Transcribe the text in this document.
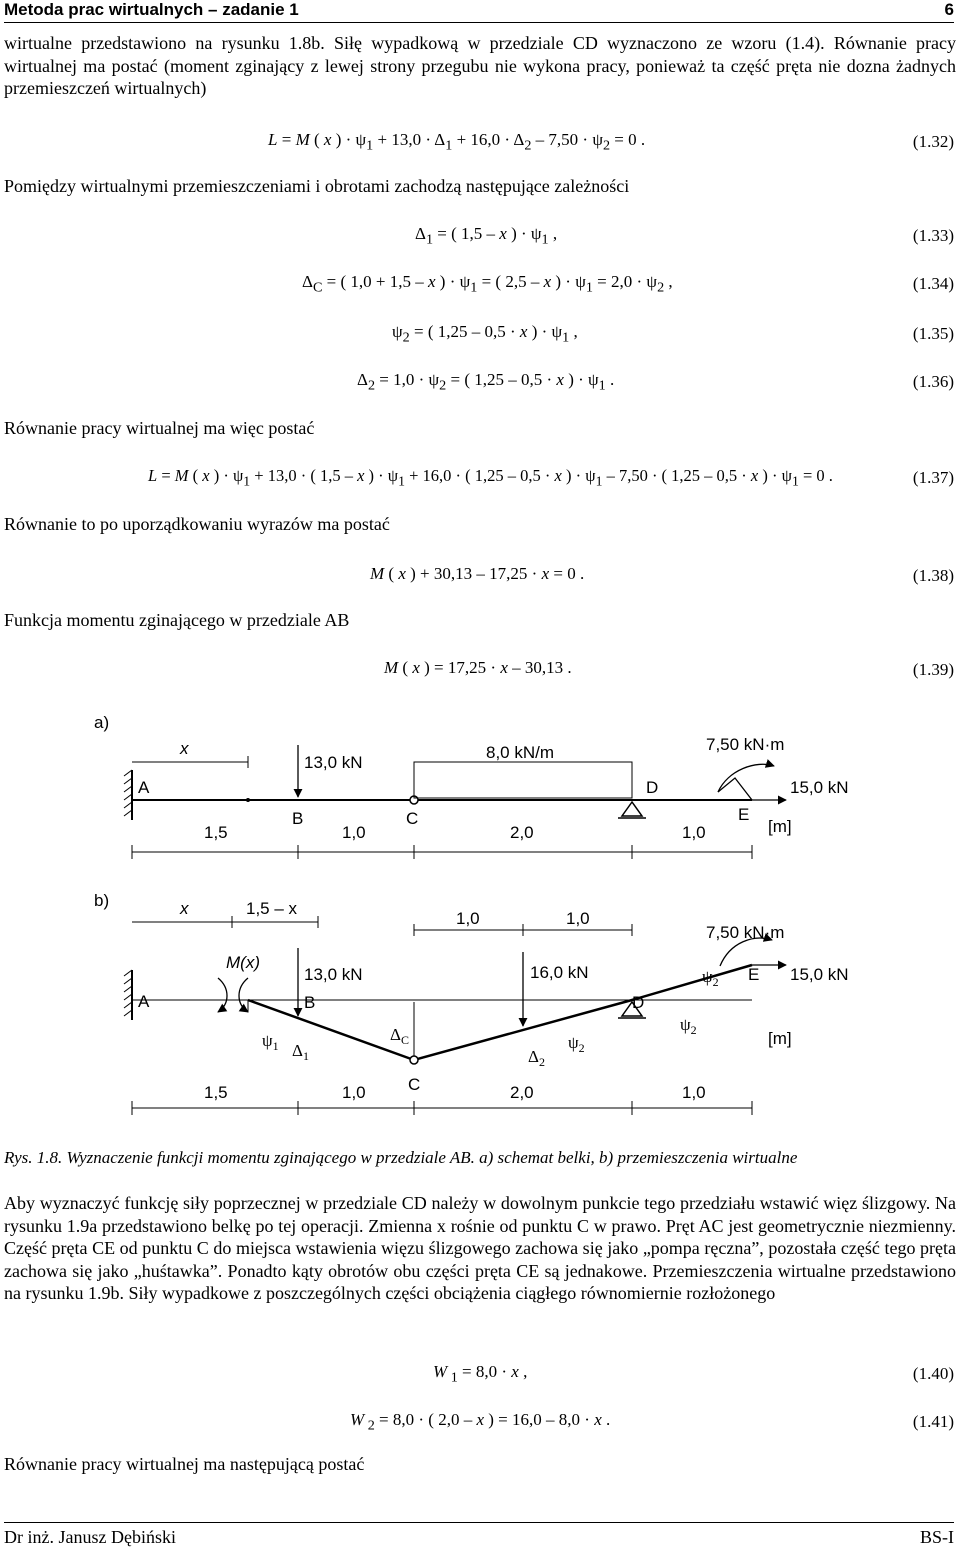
Metoda prac wirtualnych – zadanie 1	6

wirtualne przedstawiono na rysunku 1.8b. Siłę wypadkową w przedziale CD wyznaczono ze wzoru (1.4). Równanie pracy wirtualnej ma postać (moment zginający z lewej strony przegubu nie wykona pracy, ponieważ ta część pręta nie dozna żadnych przemieszczeń wirtualnych)

L = M ( x ) · $\psi_1 + 13,0 \cdot \Delta_1 + 16,0 \cdot \Delta_2 - 7,50 \cdot \psi_2 = 0$ .	(1.32)
Pomiędzy wirtualnymi przemieszczeniami i obrotami zachodzą następujące zależności
$\Delta_1$ = ( 1,5 – x ) · $\psi_1$ ,	(1.33)
$\Delta_C$ = ( 1,0 + 1,5 – x ) · $\psi_1$ = ( 2,5 – x ) · $\psi_1 = 2,0 \cdot \psi_2$ ,	(1.34)
$\psi_2$ = ( 1,25 – 0,5 · x ) · $\psi_1$ ,	(1.35)
$\Delta_2 = 1,0 \cdot \psi_2$ = ( 1,25 – 0,5 · x ) · $\psi_1$ .	(1.36)
Równanie pracy wirtualnej ma więc postać
L = M ( x ) · $\psi_1 + 13,0$ · ( 1,5 – x ) · $\psi_1 + 16,0$ · ( 1,25 – 0,5 · x ) · $\psi_1 - 7,50$ · ( 1,25 – 0,5 · x ) · $\psi_1 = 0$ .	(1.37)
Równanie to po uporządkowaniu wyrazów ma postać
M ( x ) + 30,13 – 17,25 · x = 0 .	(1.38)
Funkcja momentu zginającego w przedziale AB
M ( x ) = 17,25 · x – 30,13 .	(1.39)
a)
x
A
13,0 kN
B	C
8,0 kN/m
D
7,50 kN·m
15,0 kN
E
[m]
1,5	1,0	2,0	1,0
b)	x	1,5 – x
1,0	1,0
A
M(x)
13,0 kN
B
$\psi_1$ $\Delta_1$
$\Delta_C$
C
16,0 kN
$\Delta_2$
$\psi_2$
D
$\psi_2$
$\psi_2$
7,50 kN·m
E 15,0 kN
[m]
1,5	1,0	2,0	1,0
Rys. 1.8. Wyznaczenie funkcji momentu zginającego w przedziale AB. a) schemat belki, b) przemieszczenia wirtualne

Aby wyznaczyć funkcję siły poprzecznej w przedziale CD należy w dowolnym punkcie tego przedziału wstawić więz ślizgowy. Na rysunku 1.9a przedstawiono belkę po tej operacji. Zmienna x rośnie od punktu C w prawo. Pręt AC jest geometrycznie niezmienny. Część pręta CE od punktu C do miejsca wstawienia więzu ślizgowego zachowa się jako „pompa ręczna”, pozostała część tego pręta zachowa się jako „huśtawka”. Ponadto kąty obrotów obu części pręta CE są jednakowe. Przemieszczenia wirtualne przedstawiono na rysunku 1.9b. Siły wypadkowe z poszczególnych części obciążenia ciągłego równomiernie rozłożonego

W $_1$ = 8,0 · x ,	(1.40)
W $_2$ = 8,0 · ( 2,0 – x ) = 16,0 – 8,0 · x .	(1.41)
Równanie pracy wirtualnej ma następującą postać
Dr inż. Janusz Dębiński	BS-I
